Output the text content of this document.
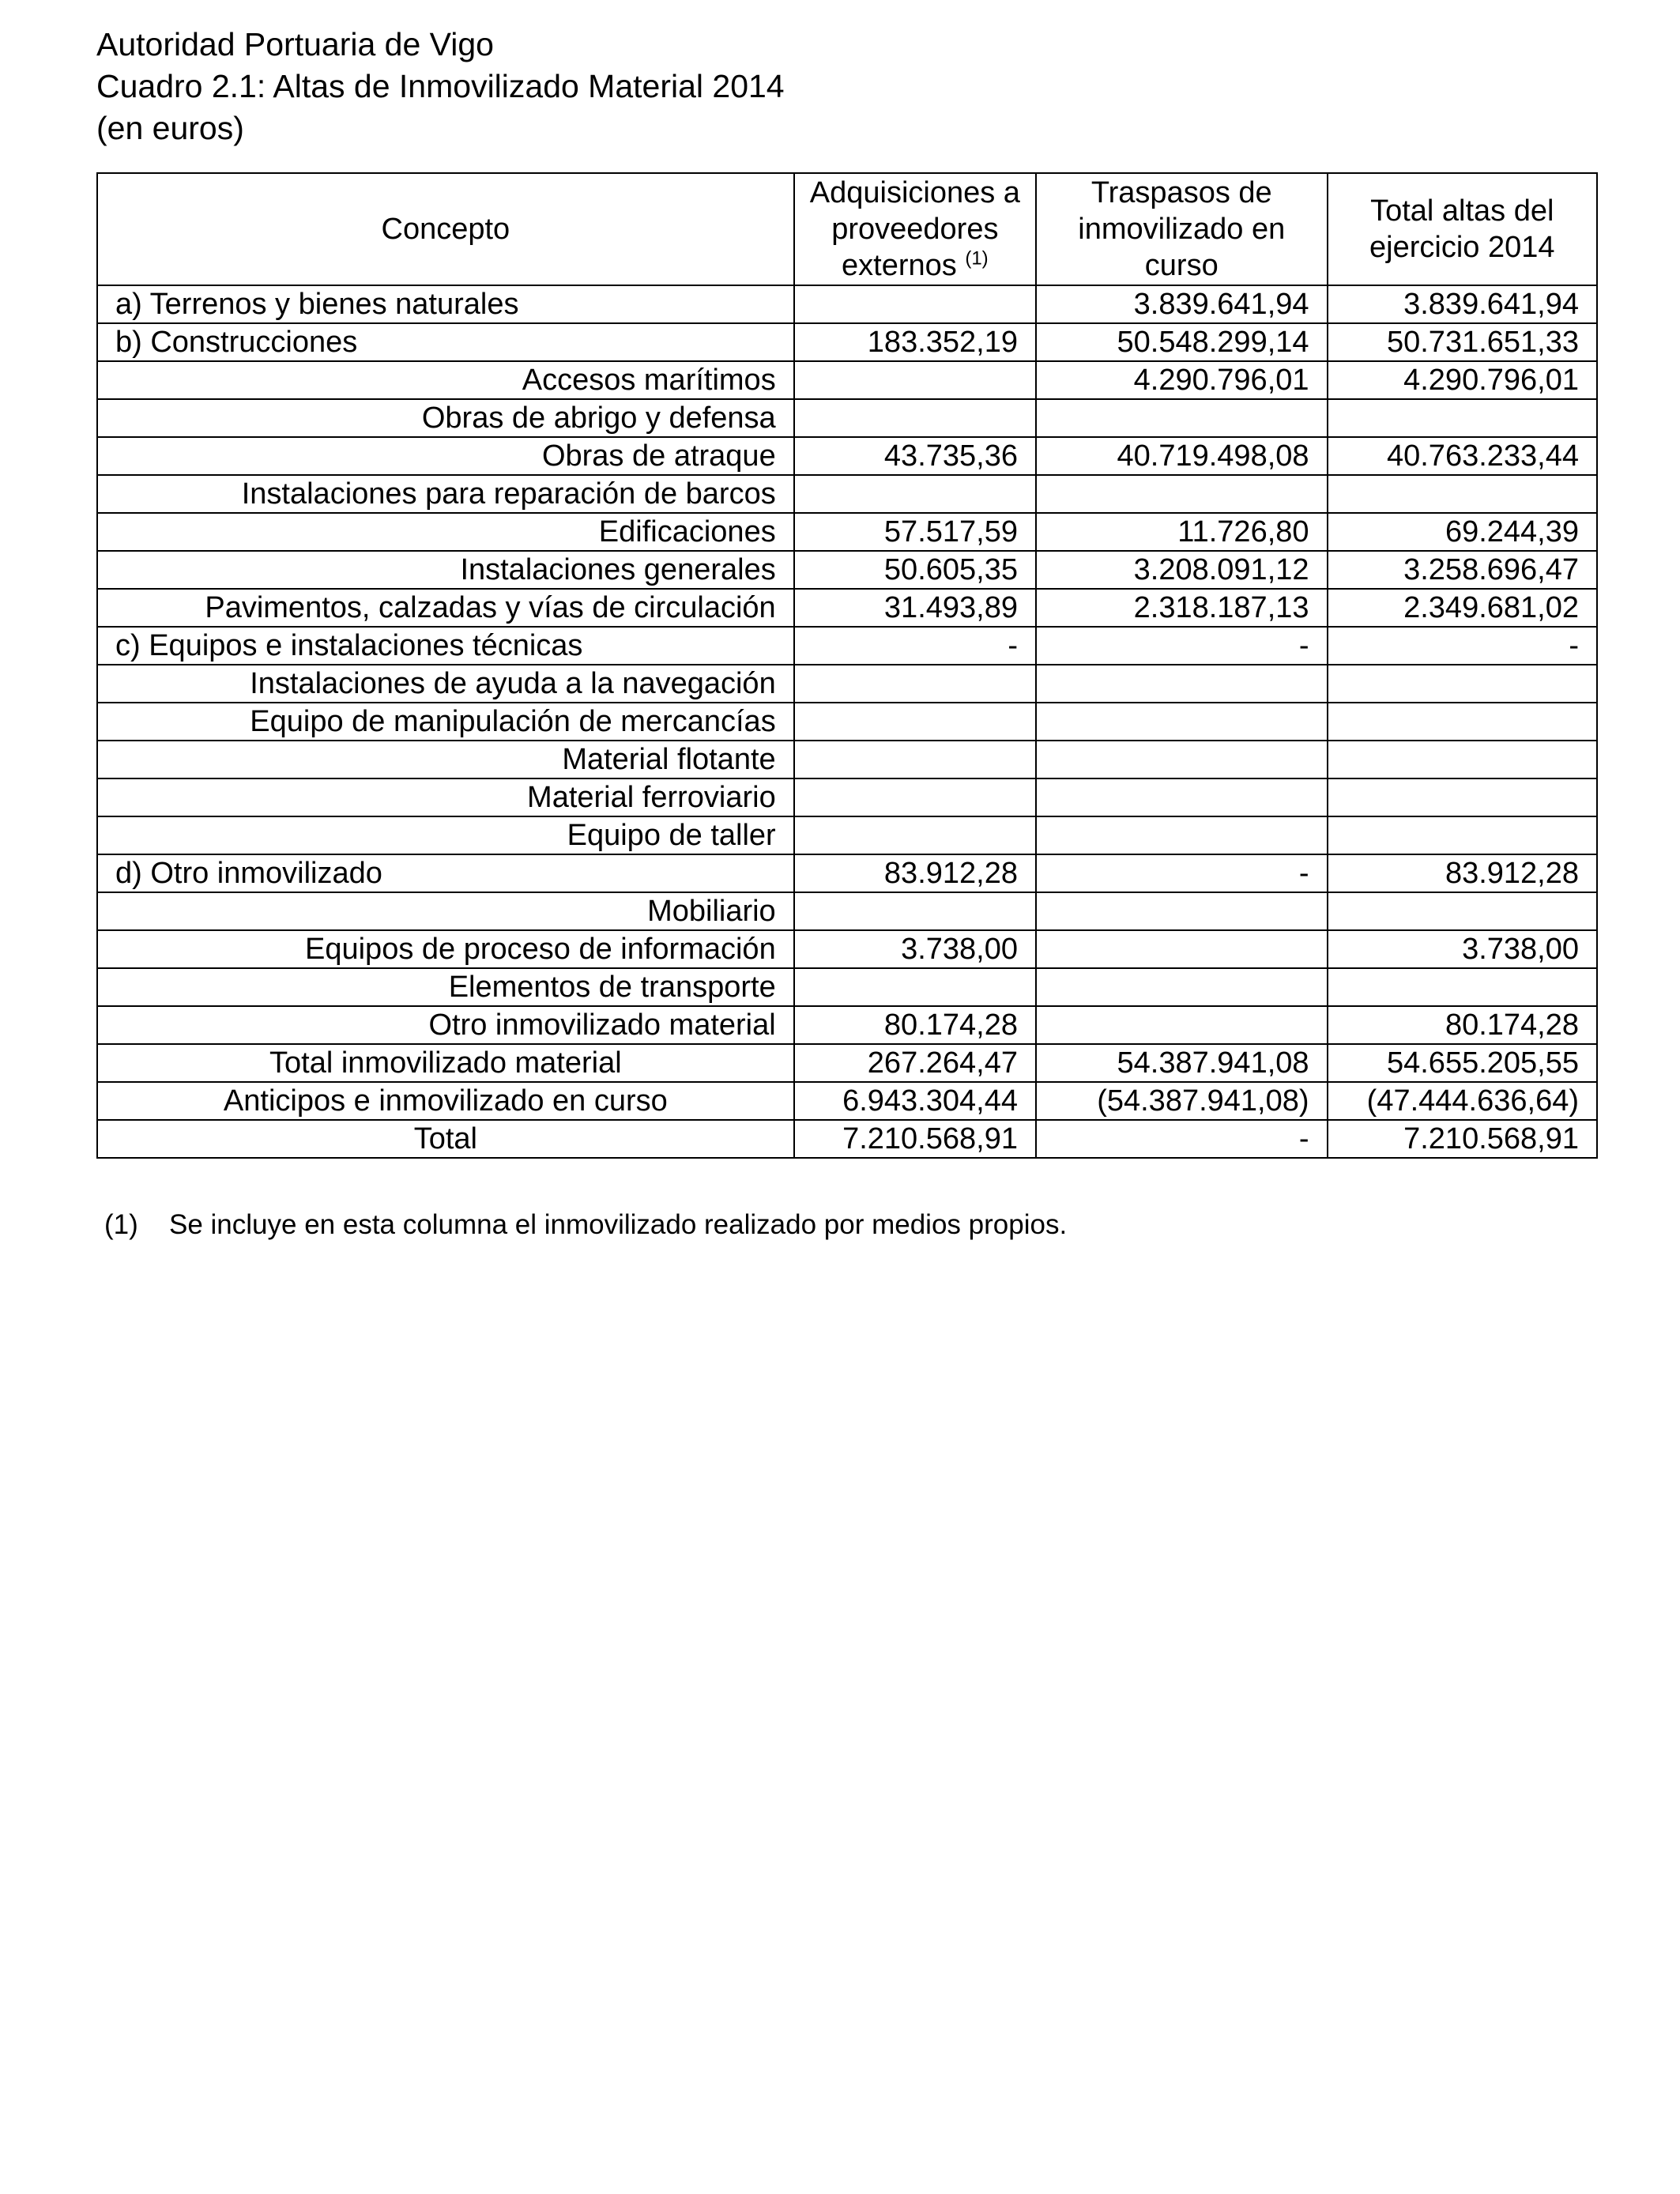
Autoridad Portuaria de Vigo
Cuadro 2.1: Altas de Inmovilizado Material 2014
(en euros)
Concepto	Adquisiciones a proveedores externos $^{(1)}$	Traspasos de inmovilizado en curso	Total altas del ejercicio 2014
a) Terrenos y bienes naturales		3.839.641,94	3.839.641,94
b) Construcciones	183.352,19	50.548.299,14	50.731.651,33
Accesos marítimos		4.290.796,01	4.290.796,01
Obras de abrigo y defensa			
Obras de atraque	43.735,36	40.719.498,08	40.763.233,44
Instalaciones para reparación de barcos			
Edificaciones	57.517,59	11.726,80	69.244,39
Instalaciones generales	50.605,35	3.208.091,12	3.258.696,47
Pavimentos, calzadas y vías de circulación	31.493,89	2.318.187,13	2.349.681,02
c) Equipos e instalaciones técnicas	-	-	-
Instalaciones de ayuda a la navegación			
Equipo de manipulación de mercancías			
Material flotante			
Material ferroviario			
Equipo de taller			
d) Otro inmovilizado	83.912,28	-	83.912,28
Mobiliario			
Equipos de proceso de información	3.738,00		3.738,00
Elementos de transporte			
Otro inmovilizado material	80.174,28		80.174,28
Total inmovilizado material	267.264,47	54.387.941,08	54.655.205,55
Anticipos e inmovilizado en curso	6.943.304,44	(54.387.941,08)	(47.444.636,64)
Total	7.210.568,91	-	7.210.568,91
(1) Se incluye en esta columna el inmovilizado realizado por medios propios.
